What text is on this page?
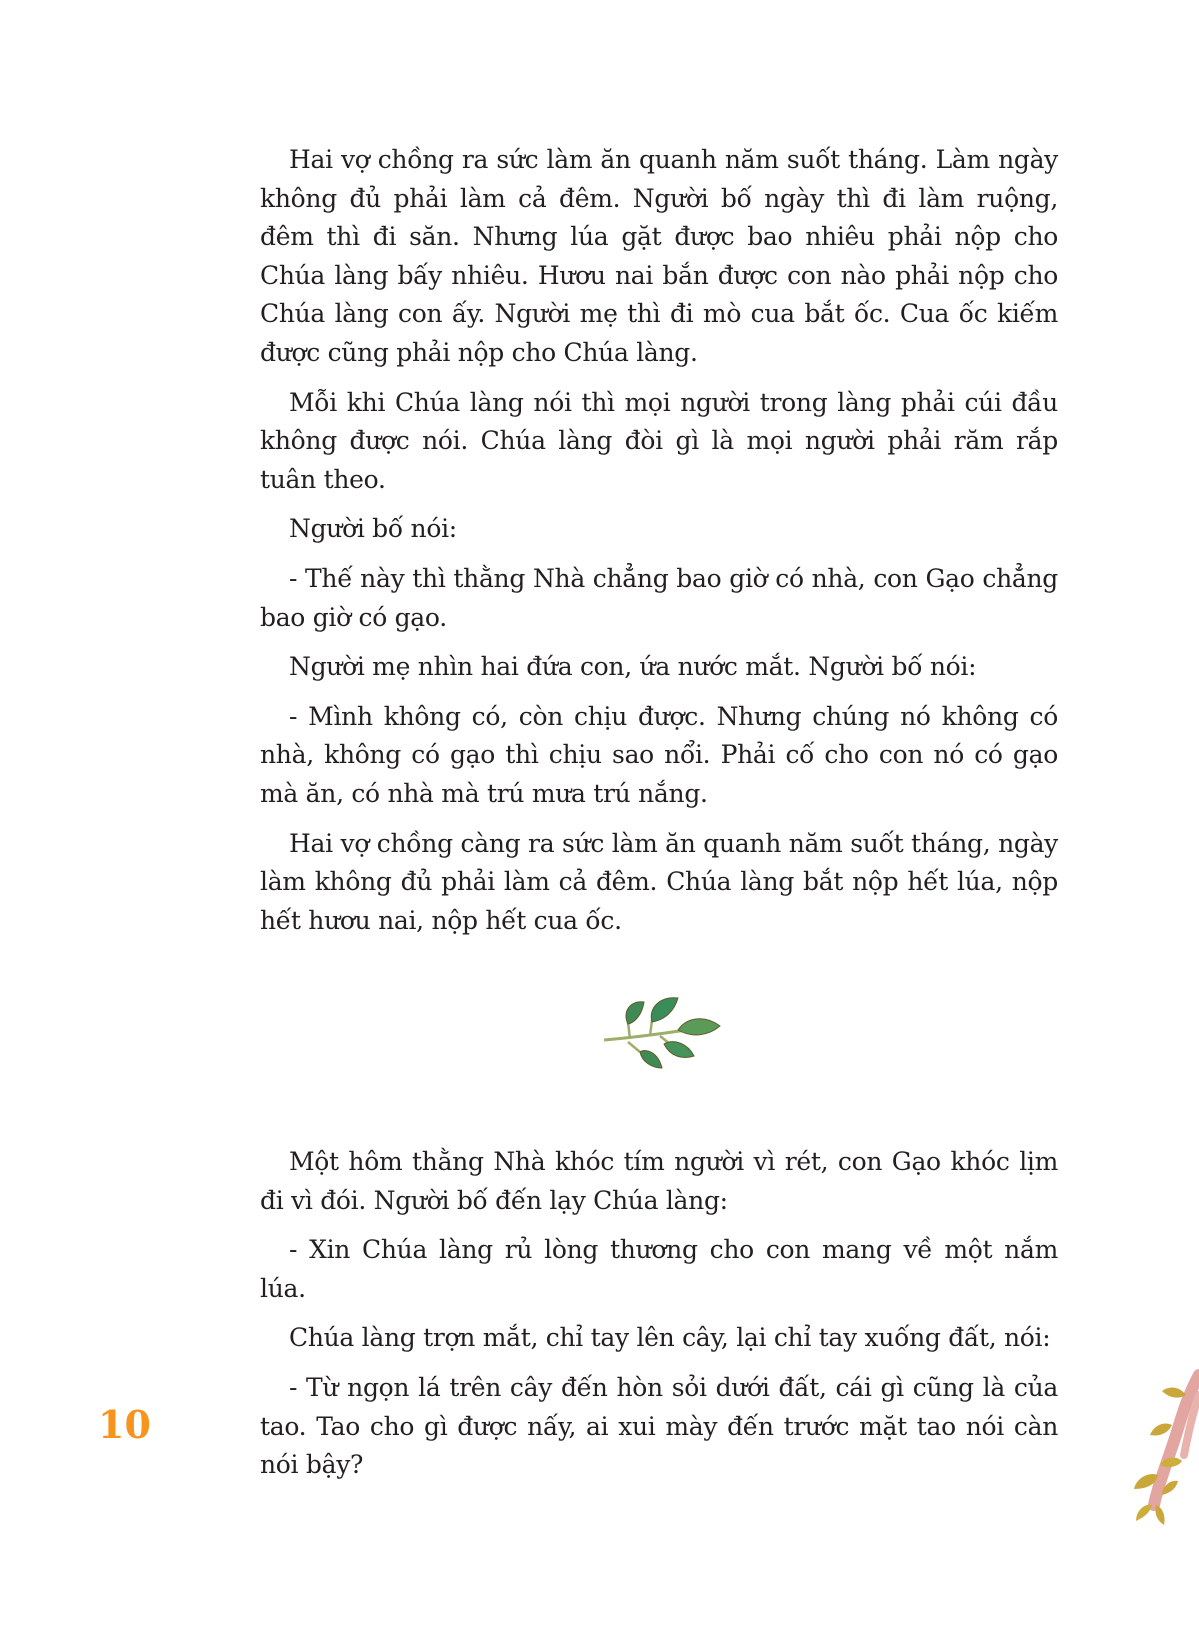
Hai vợ chồng ra sức làm ăn quanh năm suốt tháng. Làm ngày không đủ phải làm cả đêm. Người bố ngày thì đi làm ruộng, đêm thì đi săn. Nhưng lúa gặt được bao nhiêu phải nộp cho Chúa làng bấy nhiêu. Hươu nai bắn được con nào phải nộp cho Chúa làng con ấy. Người mẹ thì đi mò cua bắt ốc. Cua ốc kiếm được cũng phải nộp cho Chúa làng.

Mỗi khi Chúa làng nói thì mọi người trong làng phải cúi đầu không được nói. Chúa làng đòi gì là mọi người phải răm rắp tuân theo.

Người bố nói:

- Thế này thì thằng Nhà chẳng bao giờ có nhà, con Gạo chẳng bao giờ có gạo.

Người mẹ nhìn hai đứa con, ứa nước mắt. Người bố nói:

- Mình không có, còn chịu được. Nhưng chúng nó không có nhà, không có gạo thì chịu sao nổi. Phải cố cho con nó có gạo mà ăn, có nhà mà trú mưa trú nắng.

Hai vợ chồng càng ra sức làm ăn quanh năm suốt tháng, ngày làm không đủ phải làm cả đêm. Chúa làng bắt nộp hết lúa, nộp hết hươu nai, nộp hết cua ốc.

Một hôm thằng Nhà khóc tím người vì rét, con Gạo khóc lịm đi vì đói. Người bố đến lạy Chúa làng:

- Xin Chúa làng rủ lòng thương cho con mang về một nắm lúa.

Chúa làng trợn mắt, chỉ tay lên cây, lại chỉ tay xuống đất, nói:

- Từ ngọn lá trên cây đến hòn sỏi dưới đất, cái gì cũng là của tao. Tao cho gì được nấy, ai xui mày đến trước mặt tao nói càn nói bậy?

10
